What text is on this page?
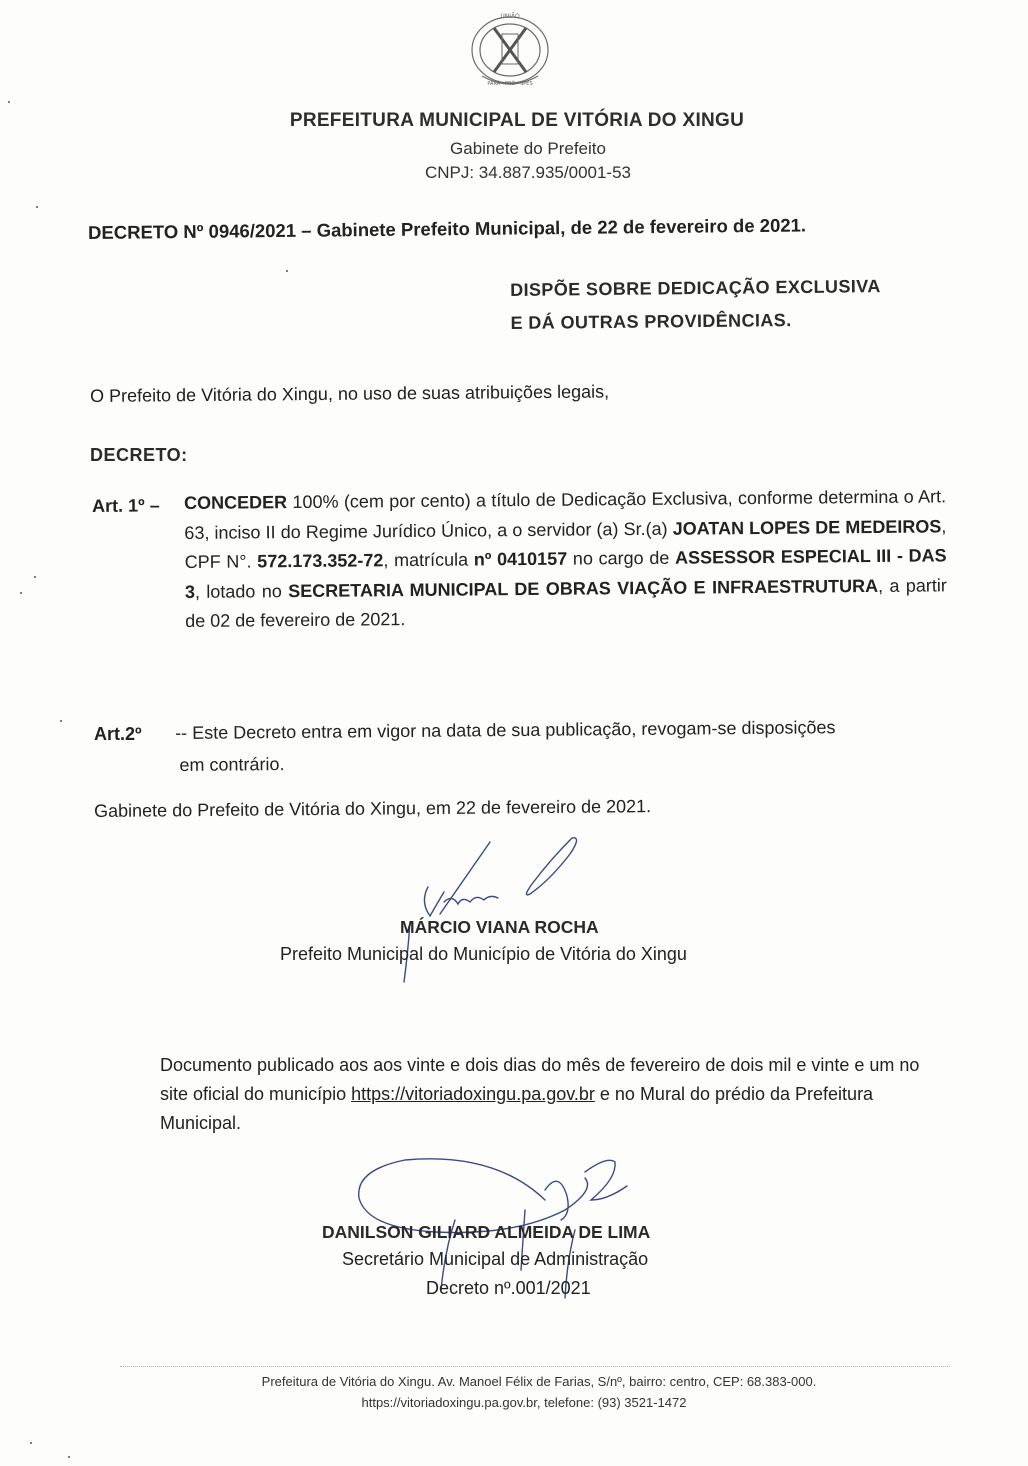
UNIÃO
PARÁ · PRÓ · SPES
PREFEITURA MUNICIPAL DE VITÓRIA DO XINGU
Gabinete do Prefeito
CNPJ: 34.887.935/0001-53
DECRETO Nº 0946/2021 – Gabinete Prefeito Municipal, de 22 de fevereiro de 2021.
DISPÕE SOBRE DEDICAÇÃO EXCLUSIVA
E DÁ OUTRAS PROVIDÊNCIAS.
O Prefeito de Vitória do Xingu, no uso de suas atribuições legais,
DECRETO:
Art. 1º – CONCEDER 100% (cem por cento) a título de Dedicação Exclusiva, conforme determina o Art. 63, inciso II do Regime Jurídico Único, a o servidor (a) Sr.(a) JOATAN LOPES DE MEDEIROS, CPF N°. 572.173.352-72, matrícula nº 0410157 no cargo de ASSESSOR ESPECIAL III - DAS 3, lotado no SECRETARIA MUNICIPAL DE OBRAS VIAÇÃO E INFRAESTRUTURA, a partir de 02 de fevereiro de 2021.
Art.2º -- Este Decreto entra em vigor na data de sua publicação, revogam-se disposições
em contrário.
Gabinete do Prefeito de Vitória do Xingu, em 22 de fevereiro de 2021.
MÁRCIO VIANA ROCHA
Prefeito Municipal do Município de Vitória do Xingu
Documento publicado aos aos vinte e dois dias do mês de fevereiro de dois mil e vinte e um no site oficial do município https://vitoriadoxingu.pa.gov.br e no Mural do prédio da Prefeitura Municipal.
DANILSON GILIARD ALMEIDA DE LIMA
Secretário Municipal de Administração
Decreto nº.001/2021
Prefeitura de Vitória do Xingu. Av. Manoel Félix de Farias, S/nº, bairro: centro, CEP: 68.383-000.
https://vitoriadoxingu.pa.gov.br, telefone: (93) 3521-1472
